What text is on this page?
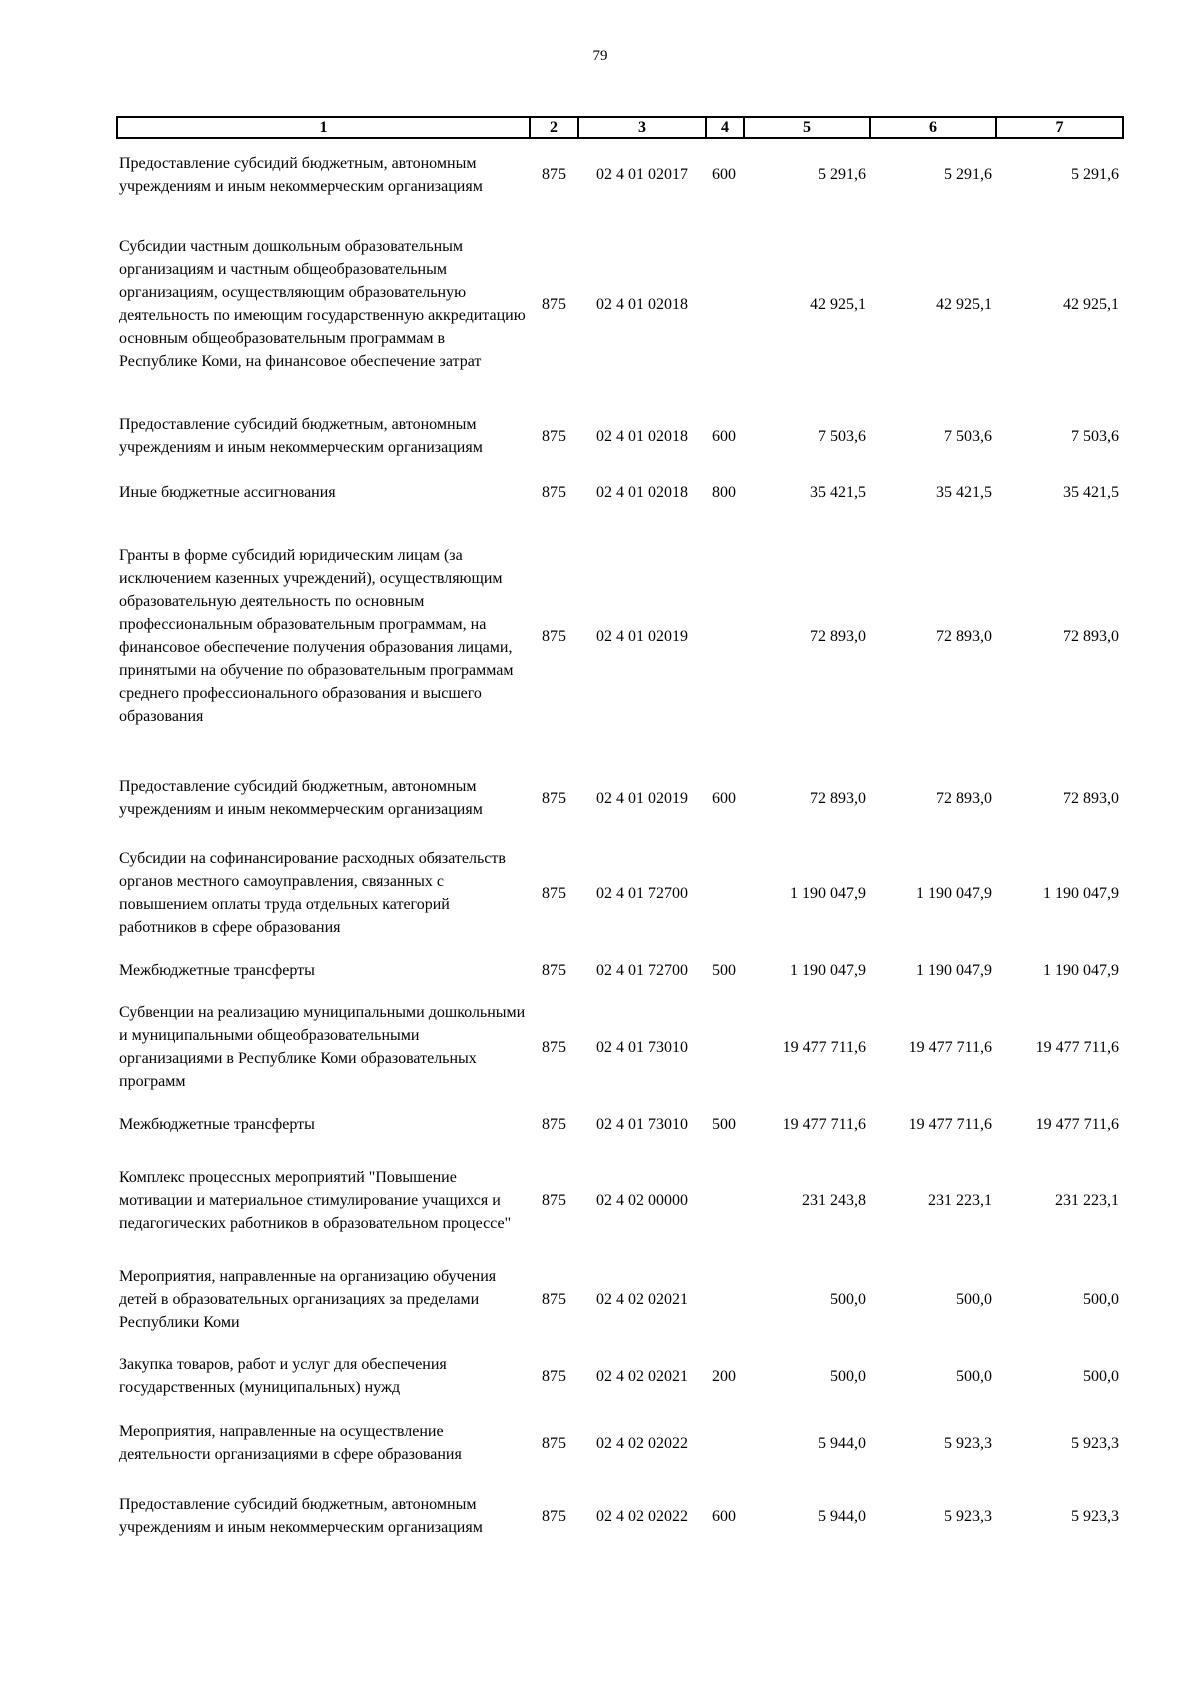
79
1	2	3	4	5	6	7
Предоставление субсидий бюджетным, автономным учреждениям и иным некоммерческим организациям	875	02 4 01 02017	600	5 291,6	5 291,6	5 291,6
Субсидии частным дошкольным образовательным организациям и частным общеобразовательным организациям, осуществляющим образовательную деятельность по имеющим государственную аккредитацию основным общеобразовательным программам в Республике Коми, на финансовое обеспечение затрат	875	02 4 01 02018		42 925,1	42 925,1	42 925,1
Предоставление субсидий бюджетным, автономным учреждениям и иным некоммерческим организациям	875	02 4 01 02018	600	7 503,6	7 503,6	7 503,6
Иные бюджетные ассигнования	875	02 4 01 02018	800	35 421,5	35 421,5	35 421,5
Гранты в форме субсидий юридическим лицам (за исключением казенных учреждений), осуществляющим образовательную деятельность по основным профессиональным образовательным программам, на финансовое обеспечение получения образования лицами, принятыми на обучение по образовательным программам среднего профессионального образования и высшего образования	875	02 4 01 02019		72 893,0	72 893,0	72 893,0
Предоставление субсидий бюджетным, автономным учреждениям и иным некоммерческим организациям	875	02 4 01 02019	600	72 893,0	72 893,0	72 893,0
Субсидии на софинансирование расходных обязательств органов местного самоуправления, связанных с повышением оплаты труда отдельных категорий работников в сфере образования	875	02 4 01 72700		1 190 047,9	1 190 047,9	1 190 047,9
Межбюджетные трансферты	875	02 4 01 72700	500	1 190 047,9	1 190 047,9	1 190 047,9
Субвенции на реализацию муниципальными дошкольными и муниципальными общеобразовательными организациями в Республике Коми образовательных программ	875	02 4 01 73010		19 477 711,6	19 477 711,6	19 477 711,6
Межбюджетные трансферты	875	02 4 01 73010	500	19 477 711,6	19 477 711,6	19 477 711,6
Комплекс процессных мероприятий "Повышение мотивации и материальное стимулирование учащихся и педагогических работников в образовательном процессе"	875	02 4 02 00000		231 243,8	231 223,1	231 223,1
Мероприятия, направленные на организацию обучения детей в образовательных организациях за пределами Республики Коми	875	02 4 02 02021		500,0	500,0	500,0
Закупка товаров, работ и услуг для обеспечения государственных (муниципальных) нужд	875	02 4 02 02021	200	500,0	500,0	500,0
Мероприятия, направленные на осуществление деятельности организациями в сфере образования	875	02 4 02 02022		5 944,0	5 923,3	5 923,3
Предоставление субсидий бюджетным, автономным учреждениям и иным некоммерческим организациям	875	02 4 02 02022	600	5 944,0	5 923,3	5 923,3
